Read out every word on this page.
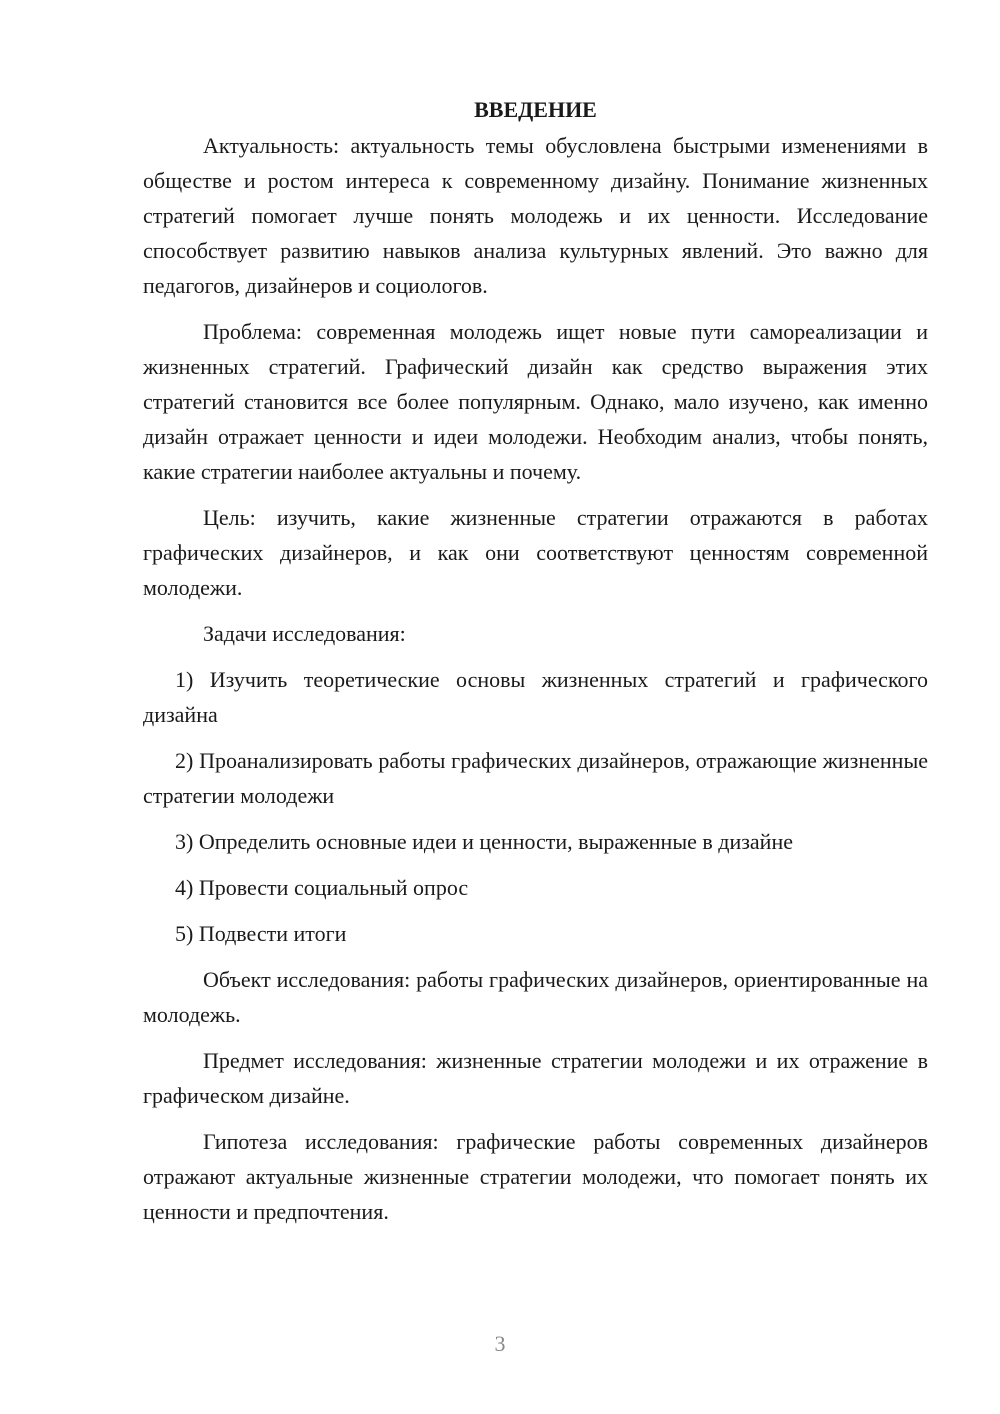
ВВЕДЕНИЕ

Актуальность: актуальность темы обусловлена быстрыми изменениями в обществе и ростом интереса к современному дизайну. Понимание жизненных стратегий помогает лучше понять молодежь и их ценности. Исследование способствует развитию навыков анализа культурных явлений. Это важно для педагогов, дизайнеров и социологов.

Проблема: современная молодежь ищет новые пути самореализации и жизненных стратегий. Графический дизайн как средство выражения этих стратегий становится все более популярным. Однако, мало изучено, как именно дизайн отражает ценности и идеи молодежи. Необходим анализ, чтобы понять, какие стратегии наиболее актуальны и почему.

Цель: изучить, какие жизненные стратегии отражаются в работах графических дизайнеров, и как они соответствуют ценностям современной молодежи.

Задачи исследования:

1) Изучить теоретические основы жизненных стратегий и графического дизайна

2) Проанализировать работы графических дизайнеров, отражающие жизненные стратегии молодежи

3) Определить основные идеи и ценности, выраженные в дизайне

4) Провести социальный опрос

5) Подвести итоги

Объект исследования: работы графических дизайнеров, ориентированные на молодежь.

Предмет исследования: жизненные стратегии молодежи и их отражение в графическом дизайне.

Гипотеза исследования: графические работы современных дизайнеров отражают актуальные жизненные стратегии молодежи, что помогает понять их ценности и предпочтения.

3
